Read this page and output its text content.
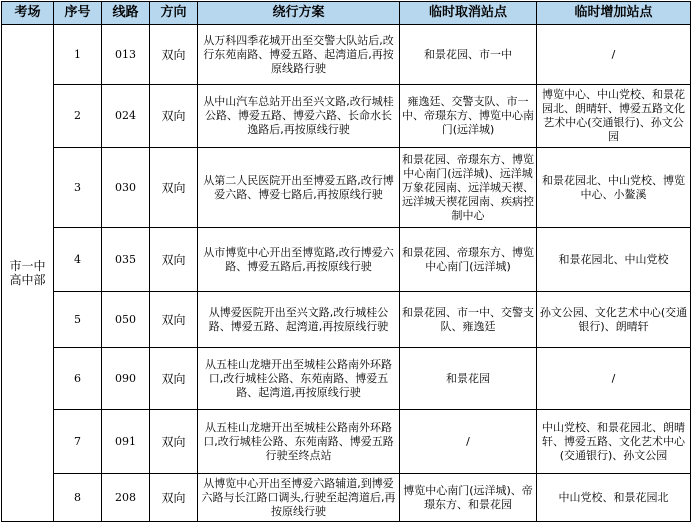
考场	序号	线路	方向	绕行方案	临时取消站点	临时增加站点
市一中高中部	1	013	双向	从万科四季花城开出至交警大队站后,改行东苑南路、博爱五路、起湾道后,再按原线路行驶	和景花园、市一中	/
	2	024	双向	从中山汽车总站开出至兴文路,改行城桂公路、博爱五路、博爱六路、长命水长逸路后,再按原线行驶	雍逸廷、交警支队、市一中、帝璟东方、博览中心南门(远洋城)	博览中心、中山党校、和景花园北、朗晴轩、博爱五路文化艺术中心(交通银行)、孙文公园
	3	030	双向	从第二人民医院开出至博爱五路,改行博爱六路、博爱七路后,再按原线行驶	和景花园、帝璟东方、博览中心南门(远洋城)、远洋城万象花园南、远洋城天禊、远洋城天禊花园南、疾病控制中心	和景花园北、中山党校、博览中心、小鳌溪
	4	035	双向	从市博览中心开出至博览路,改行博爱六路、博爱五路后,再按原线行驶	和景花园、帝璟东方、博览中心南门(远洋城)	和景花园北、中山党校
	5	050	双向	从博爱医院开出至兴文路,改行城桂公路、博爱五路、起湾道,再按原线行驶	和景花园、市一中、交警支队、雍逸廷	孙文公园、文化艺术中心(交通银行)、朗晴轩
	6	090	双向	从五桂山龙塘开出至城桂公路南外环路口,改行城桂公路、东苑南路、博爱五路、起湾道,再按原线行驶	和景花园	/
	7	091	双向	从五桂山龙塘开出至城桂公路南外环路口,改行城桂公路、东苑南路、博爱五路行驶至终点站	/	中山党校、和景花园北、朗晴轩、博爱五路、文化艺术中心(交通银行)、孙文公园
	8	208	双向	从博览中心开出至博爱六路辅道,到博爱六路与长江路口调头,行驶至起湾道后,再按原线行驶	博览中心南门(远洋城)、帝璟东方、和景花园	中山党校、和景花园北
